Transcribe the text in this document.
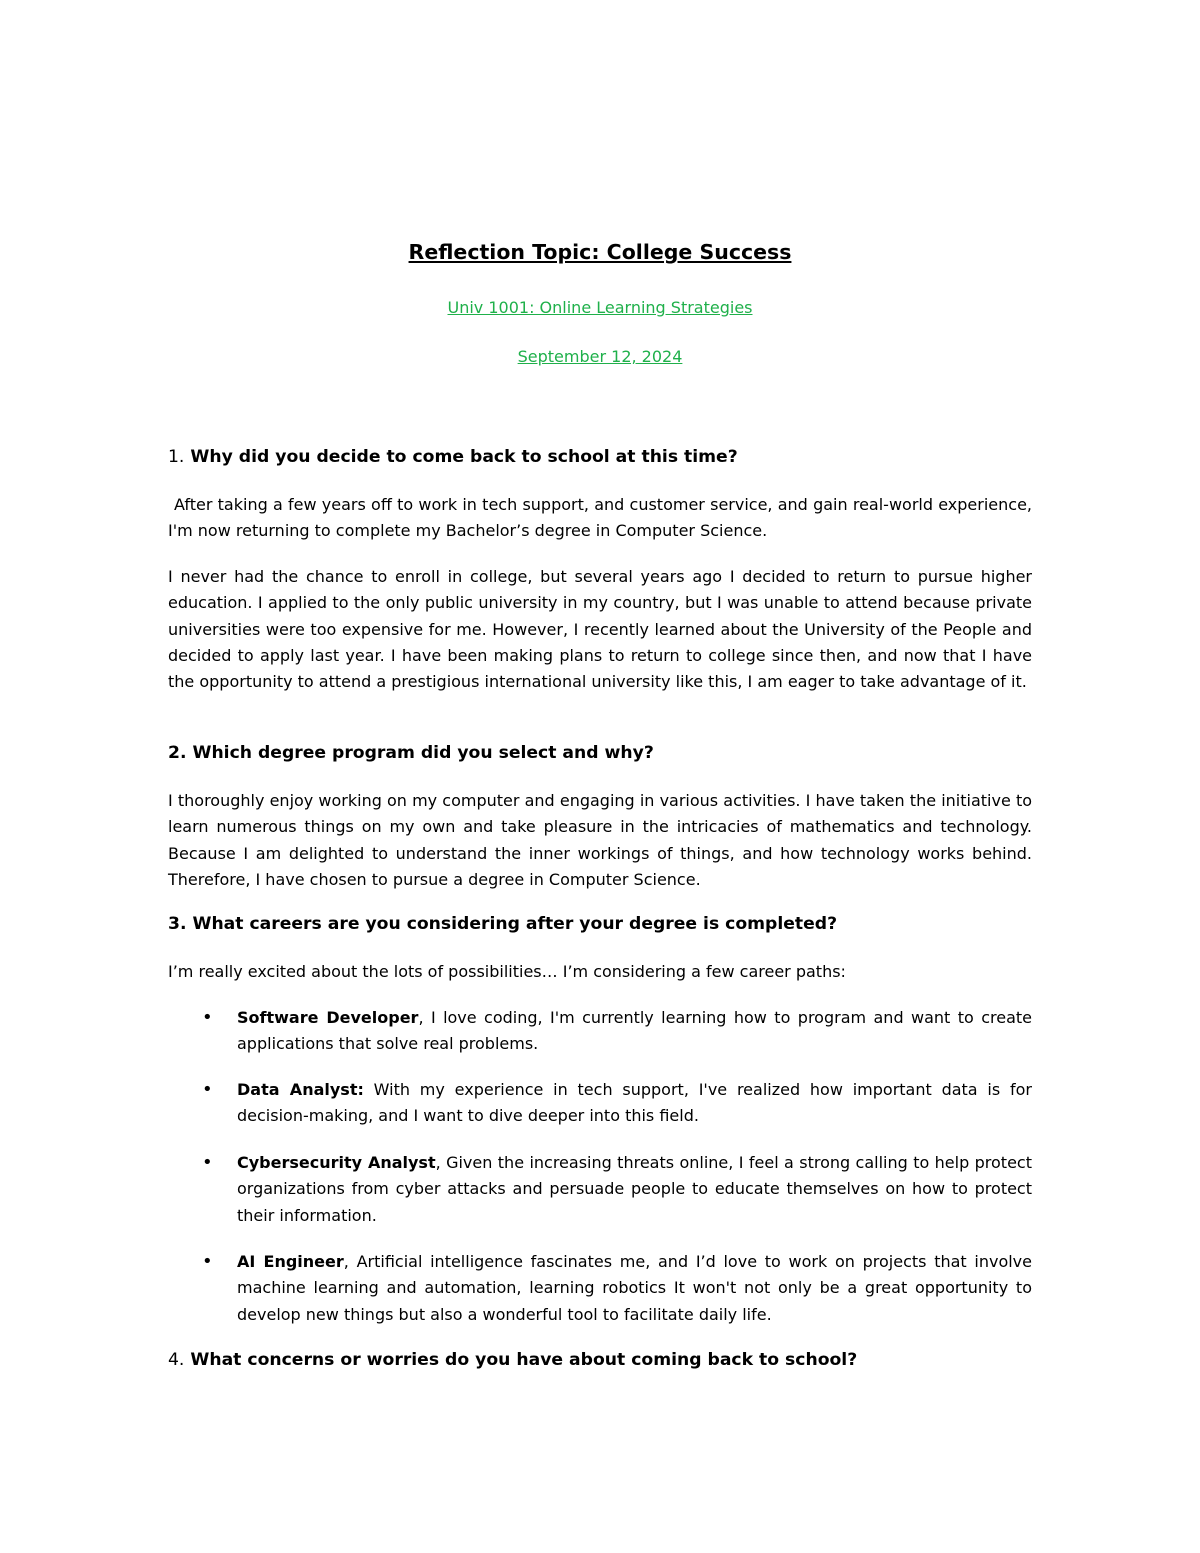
Reflection Topic: College Success
Univ 1001: Online Learning Strategies
September 12, 2024
1. Why did you decide to come back to school at this time?
After taking a few years off to work in tech support, and customer service, and gain real-world experience, I'm now returning to complete my Bachelor’s degree in Computer Science.
I never had the chance to enroll in college, but several years ago I decided to return to pursue higher education. I applied to the only public university in my country, but I was unable to attend because private universities were too expensive for me. However, I recently learned about the University of the People and decided to apply last year. I have been making plans to return to college since then, and now that I have the opportunity to attend a prestigious international university like this, I am eager to take advantage of it.
2. Which degree program did you select and why?
I thoroughly enjoy working on my computer and engaging in various activities. I have taken the initiative to learn numerous things on my own and take pleasure in the intricacies of mathematics and technology. Because I am delighted to understand the inner workings of things, and how technology works behind. Therefore, I have chosen to pursue a degree in Computer Science.
3. What careers are you considering after your degree is completed?
I’m really excited about the lots of possibilities… I’m considering a few career paths:
• Software Developer, I love coding, I'm currently learning how to program and want to create applications that solve real problems.
• Data Analyst: With my experience in tech support, I've realized how important data is for decision-making, and I want to dive deeper into this field.
• Cybersecurity Analyst, Given the increasing threats online, I feel a strong calling to help protect organizations from cyber attacks and persuade people to educate themselves on how to protect their information.
• AI Engineer, Artificial intelligence fascinates me, and I’d love to work on projects that involve machine learning and automation, learning robotics It won't not only be a great opportunity to develop new things but also a wonderful tool to facilitate daily life.
4. What concerns or worries do you have about coming back to school?
